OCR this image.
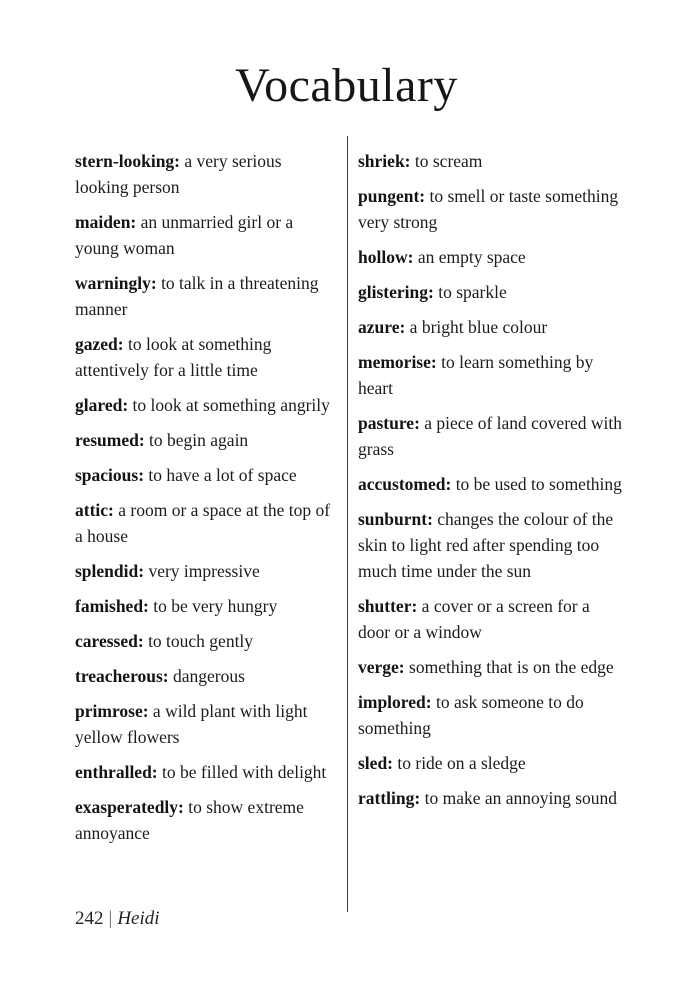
Vocabulary

stern-looking: a very serious looking person

maiden: an unmarried girl or a young woman

warningly: to talk in a threatening manner

gazed: to look at something attentively for a little time

glared: to look at something angrily

resumed: to begin again

spacious: to have a lot of space

attic: a room or a space at the top of a house

splendid: very impressive

famished: to be very hungry

caressed: to touch gently

treacherous: dangerous

primrose: a wild plant with light yellow flowers

enthralled: to be filled with delight

exasperatedly: to show extreme annoyance

shriek: to scream

pungent: to smell or taste something very strong

hollow: an empty space

glistering: to sparkle

azure: a bright blue colour

memorise: to learn something by heart

pasture: a piece of land covered with grass

accustomed: to be used to something

sunburnt: changes the colour of the skin to light red after spending too much time under the sun

shutter: a cover or a screen for a door or a window

verge: something that is on the edge

implored: to ask someone to do something

sled: to ride on a sledge

rattling: to make an annoying sound

242 | Heidi
